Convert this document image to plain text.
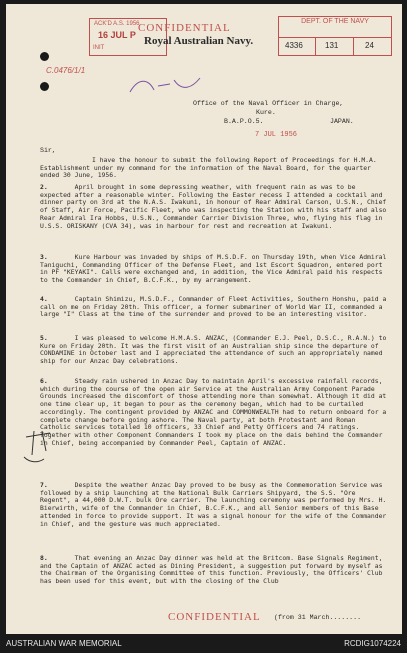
ACK'D A.S. 1956
16 JUL P
INIT
CONFIDENTIAL
Royal Australian Navy.
DEPT. OF THE NAVY
4336	131	24
C.0476/1/1
Office of the Naval Officer in Charge,
Kure.
B.A.P.O.5.	JAPAN.
7 JUL 1956
Sir,
I have the honour to submit the following Report of Proceedings for H.M.A. Establishment under my command for the information of the Naval Board, for the quarter ended 30 June, 1956.
2.	April brought in some depressing weather, with frequent rain as was to be expected after a reasonable winter. Following the Easter recess I attended a cocktail and dinner party on 3rd at the N.A.S. Iwakuni, in honour of Rear Admiral Carson, U.S.N., Chief of Staff, Air Force, Pacific Fleet, who was inspecting the Station with his staff and also Rear Admiral Ira Hobbs, U.S.N., Commander Carrier Division Three, who, flying his flag in U.S.S. ORISKANY (CVA 34), was in harbour for rest and recreation at Iwakuni.
3.	Kure Harbour was invaded by ships of M.S.D.F. on Thursday 19th, when Vice Admiral Taniguchi, Commanding Officer of the Defense Fleet, and 1st Escort Squadron, entered port in PF "KEYAKI". Calls were exchanged and, in addition, the Vice Admiral paid his respects to the Commander in Chief, B.C.F.K., by my arrangement.
4.	Captain Shimizu, M.S.D.F., Commander of Fleet Activities, Southern Honshu, paid a call on me on Friday 20th. This officer, a former submariner of World War II, commanded a large "I" Class at the time of the surrender and proved to be an interesting visitor.
5.	I was pleased to welcome H.M.A.S. ANZAC, (Commander E.J. Peel, D.S.C., R.A.N.) to Kure on Friday 20th. It was the first visit of an Australian ship since the departure of CONDAMINE in October last and I appreciated the attendance of such an appropriately named ship for our Anzac Day celebrations.
6.	Steady rain ushered in Anzac Day to maintain April's excessive rainfall records, which during the course of the open air Service at the Australian Army Component Parade Grounds increased the discomfort of those attending more than somewhat. Although it did at one time clear up, it began to pour as the ceremony began, which had to be curtailed accordingly. The contingent provided by ANZAC and COMMONWEALTH had to return onboard for a complete change before going ashore. The Naval party, at both Protestant and Roman Catholic services totalled 10 officers, 33 Chief and Petty Officers and 74 ratings. Together with other Component Commanders I took my place on the dais behind the Commander in Chief, being accompanied by Commander Peel, Captain of ANZAC.
7.	Despite the weather Anzac Day proved to be busy as the Commemoration Service was followed by a ship launching at the National Bulk Carriers Shipyard, the S.S. "Ore Regent", a 44,000 D.W.T. bulk Ore carrier. The launching ceremony was performed by Mrs. H. Bierwirth, wife of the Commander in Chief, B.C.F.K., and all Senior members of this Base attended in force to provide support. It was a signal honour for the wife of the Commander in Chief, and the gesture was much appreciated.
8.	That evening an Anzac Day dinner was held at the Britcom. Base Signals Regiment, and the Captain of ANZAC acted as Dining President, a suggestion put forward by myself as the Chairman of the Organising Committee of this function. Previously, the Officers' Club has been used for this event, but with the closing of the Club
CONFIDENTIAL (from 31 March........
AUSTRALIAN WAR MEMORIAL	RCDIG1074224
